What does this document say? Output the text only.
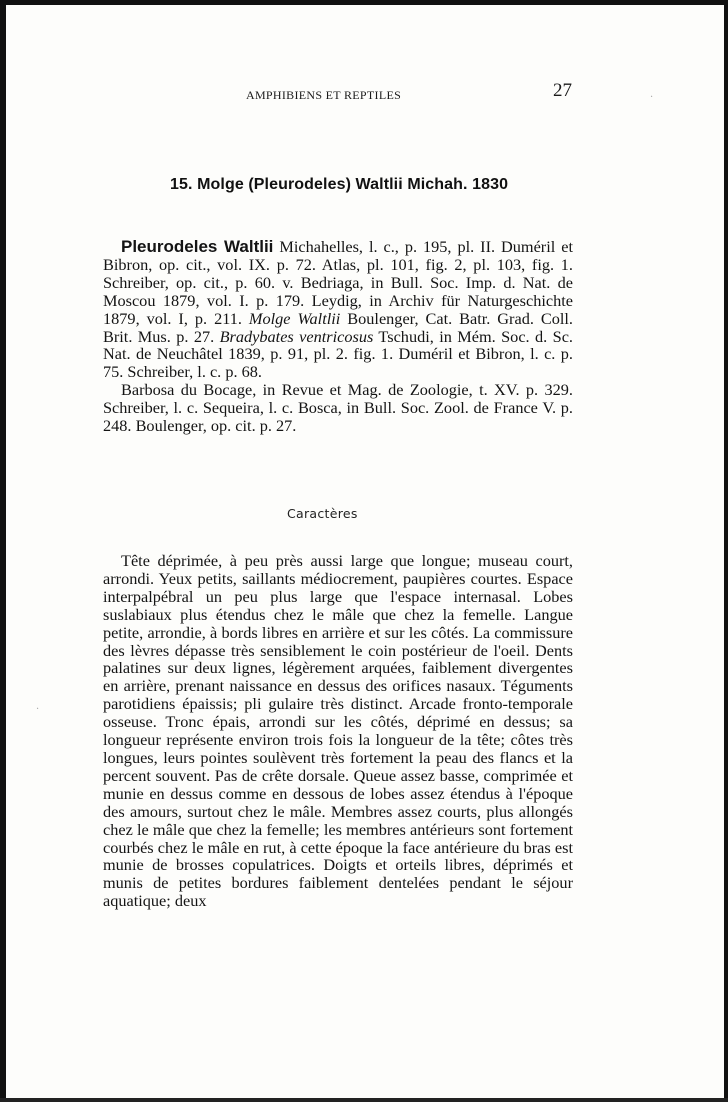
AMPHIBIENS ET REPTILES	27
15. Molge (Pleurodeles) Waltlii Michah. 1830

Pleurodeles Waltlii Michahelles, l. c., p. 195, pl. II. Duméril et Bibron, op. cit., vol. IX. p. 72. Atlas, pl. 101, fig. 2, pl. 103, fig. 1. Schreiber, op. cit., p. 60. v. Bedriaga, in Bull. Soc. Imp. d. Nat. de Moscou 1879, vol. I. p. 179. Leydig, in Archiv für Naturgeschichte 1879, vol. I, p. 211. Molge Waltlii Boulenger, Cat. Batr. Grad. Coll. Brit. Mus. p. 27. Bradybates ventricosus Tschudi, in Mém. Soc. d. Sc. Nat. de Neuchâtel 1839, p. 91, pl. 2. fig. 1. Duméril et Bibron, l. c. p. 75. Schreiber, l. c. p. 68.

Barbosa du Bocage, in Revue et Mag. de Zoologie, t. XV. p. 329. Schreiber, l. c. Sequeira, l. c. Bosca, in Bull. Soc. Zool. de France V. p. 248. Boulenger, op. cit. p. 27.

Caractères

Tête déprimée, à peu près aussi large que longue; museau court, arrondi. Yeux petits, saillants médiocrement, paupières courtes. Espace interpalpébral un peu plus large que l'espace internasal. Lobes suslabiaux plus étendus chez le mâle que chez la femelle. Langue petite, arrondie, à bords libres en arrière et sur les côtés. La commissure des lèvres dépasse très sensiblement le coin postérieur de l'oeil. Dents palatines sur deux lignes, légèrement arquées, faiblement divergentes en arrière, prenant naissance en dessus des orifices nasaux. Téguments parotidiens épaissis; pli gulaire très distinct. Arcade fronto-temporale osseuse. Tronc épais, arrondi sur les côtés, déprimé en dessus; sa longueur représente environ trois fois la longueur de la tête; côtes très longues, leurs pointes soulèvent très fortement la peau des flancs et la percent souvent. Pas de crête dorsale. Queue assez basse, comprimée et munie en dessus comme en dessous de lobes assez étendus à l'époque des amours, surtout chez le mâle. Membres assez courts, plus allongés chez le mâle que chez la femelle; les membres antérieurs sont fortement courbés chez le mâle en rut, à cette époque la face antérieure du bras est munie de brosses copulatrices. Doigts et orteils libres, déprimés et munis de petites bordures faiblement dentelées pendant le séjour aquatique; deux

·
·
